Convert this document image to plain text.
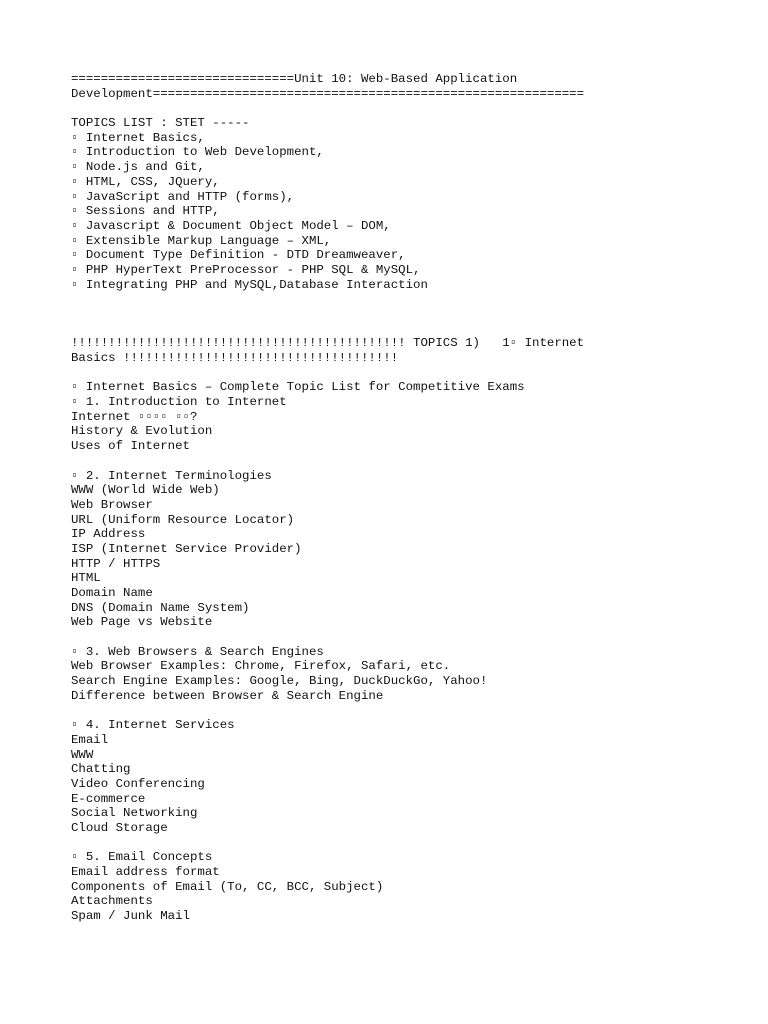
==============================Unit 10: Web-Based Application
Development==========================================================
TOPICS LIST : STET -----
▫ Internet Basics,
▫ Introduction to Web Development,
▫ Node.js and Git,
▫ HTML, CSS, JQuery,
▫ JavaScript and HTTP (forms),
▫ Sessions and HTTP,
▫ Javascript & Document Object Model – DOM,
▫ Extensible Markup Language – XML,
▫ Document Type Definition - DTD Dreamweaver,
▫ PHP HyperText PreProcessor - PHP SQL & MySQL,
▫ Integrating PHP and MySQL,Database Interaction
!!!!!!!!!!!!!!!!!!!!!!!!!!!!!!!!!!!!!!!!!!!!! TOPICS 1)   1▫ Internet
Basics !!!!!!!!!!!!!!!!!!!!!!!!!!!!!!!!!!!!!
▫ Internet Basics – Complete Topic List for Competitive Exams
▫ 1. Introduction to Internet
Internet ▫▫▫▫ ▫▫?
History & Evolution
Uses of Internet
▫ 2. Internet Terminologies
WWW (World Wide Web)
Web Browser
URL (Uniform Resource Locator)
IP Address
ISP (Internet Service Provider)
HTTP / HTTPS
HTML
Domain Name
DNS (Domain Name System)
Web Page vs Website
▫ 3. Web Browsers & Search Engines
Web Browser Examples: Chrome, Firefox, Safari, etc.
Search Engine Examples: Google, Bing, DuckDuckGo, Yahoo!
Difference between Browser & Search Engine
▫ 4. Internet Services
Email
WWW
Chatting
Video Conferencing
E-commerce
Social Networking
Cloud Storage
▫ 5. Email Concepts
Email address format
Components of Email (To, CC, BCC, Subject)
Attachments
Spam / Junk Mail
